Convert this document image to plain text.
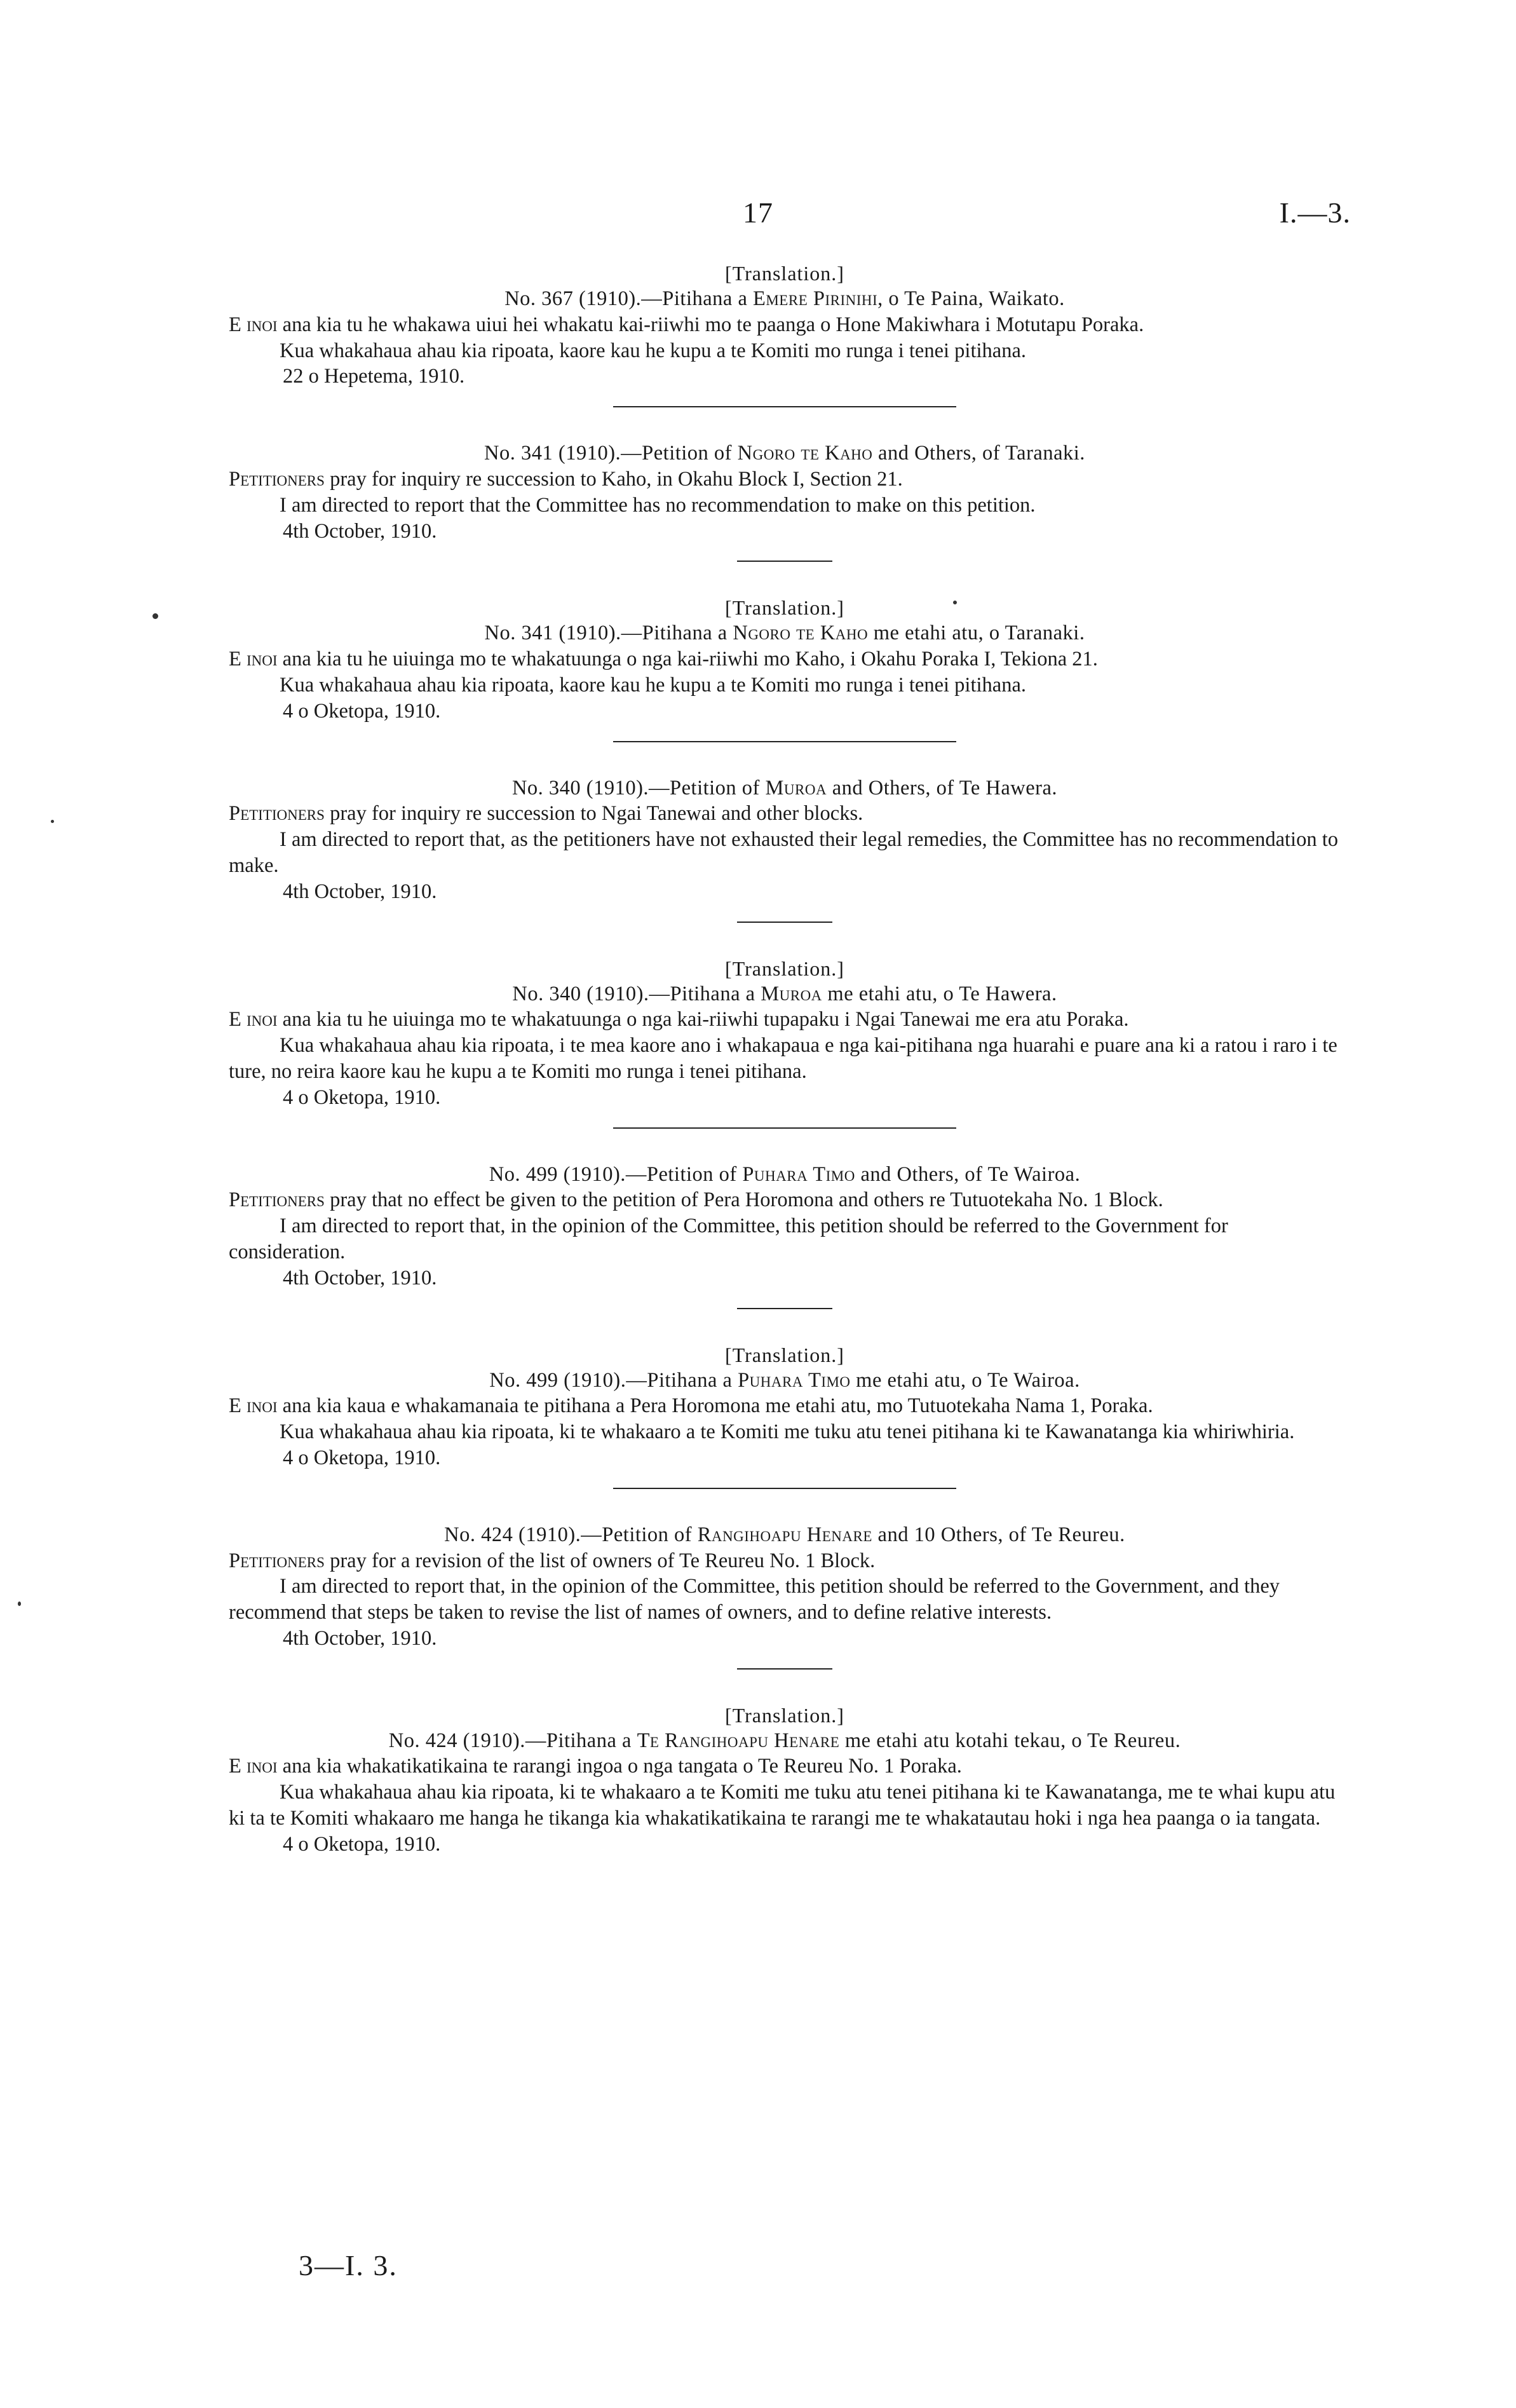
17	I.—3.
[Translation.]
No. 367 (1910).—Pitihana a Emere Pirinihi, o Te Paina, Waikato.
E inoi ana kia tu he whakawa uiui hei whakatu kai-riiwhi mo te paanga o Hone Makiwhara i Motutapu Poraka.
Kua whakahaua ahau kia ripoata, kaore kau he kupu a te Komiti mo runga i tenei pitihana.
22 o Hepetema, 1910.
No. 341 (1910).—Petition of Ngoro te Kaho and Others, of Taranaki.
Petitioners pray for inquiry re succession to Kaho, in Okahu Block I, Section 21.
I am directed to report that the Committee has no recommendation to make on this petition.
4th October, 1910.
[Translation.]
No. 341 (1910).—Pitihana a Ngoro te Kaho me etahi atu, o Taranaki.
E inoi ana kia tu he uiuinga mo te whakatuunga o nga kai-riiwhi mo Kaho, i Okahu Poraka I, Tekiona 21.
Kua whakahaua ahau kia ripoata, kaore kau he kupu a te Komiti mo runga i tenei pitihana.
4 o Oketopa, 1910.
No. 340 (1910).—Petition of Muroa and Others, of Te Hawera.
Petitioners pray for inquiry re succession to Ngai Tanewai and other blocks.
I am directed to report that, as the petitioners have not exhausted their legal remedies, the Committee has no recommendation to make.
4th October, 1910.
[Translation.]
No. 340 (1910).—Pitihana a Muroa me etahi atu, o Te Hawera.
E inoi ana kia tu he uiuinga mo te whakatuunga o nga kai-riiwhi tupapaku i Ngai Tanewai me era atu Poraka.
Kua whakahaua ahau kia ripoata, i te mea kaore ano i whakapaua e nga kai-pitihana nga huarahi e puare ana ki a ratou i raro i te ture, no reira kaore kau he kupu a te Komiti mo runga i tenei pitihana.
4 o Oketopa, 1910.
No. 499 (1910).—Petition of Puhara Timo and Others, of Te Wairoa.
Petitioners pray that no effect be given to the petition of Pera Horomona and others re Tutuotekaha No. 1 Block.
I am directed to report that, in the opinion of the Committee, this petition should be referred to the Government for consideration.
4th October, 1910.
[Translation.]
No. 499 (1910).—Pitihana a Puhara Timo me etahi atu, o Te Wairoa.
E inoi ana kia kaua e whakamanaia te pitihana a Pera Horomona me etahi atu, mo Tutuotekaha Nama 1, Poraka.
Kua whakahaua ahau kia ripoata, ki te whakaaro a te Komiti me tuku atu tenei pitihana ki te Kawanatanga kia whiriwhiria.
4 o Oketopa, 1910.
No. 424 (1910).—Petition of Rangihoapu Henare and 10 Others, of Te Reureu.
Petitioners pray for a revision of the list of owners of Te Reureu No. 1 Block.
I am directed to report that, in the opinion of the Committee, this petition should be referred to the Government, and they recommend that steps be taken to revise the list of names of owners, and to define relative interests.
4th October, 1910.
[Translation.]
No. 424 (1910).—Pitihana a Te Rangihoapu Henare me etahi atu kotahi tekau, o Te Reureu.
E inoi ana kia whakatikatikaina te rarangi ingoa o nga tangata o Te Reureu No. 1 Poraka.
Kua whakahaua ahau kia ripoata, ki te whakaaro a te Komiti me tuku atu tenei pitihana ki te Kawanatanga, me te whai kupu atu ki ta te Komiti whakaaro me hanga he tikanga kia whakatikatikaina te rarangi me te whakatautau hoki i nga hea paanga o ia tangata.
4 o Oketopa, 1910.
3—I. 3.
